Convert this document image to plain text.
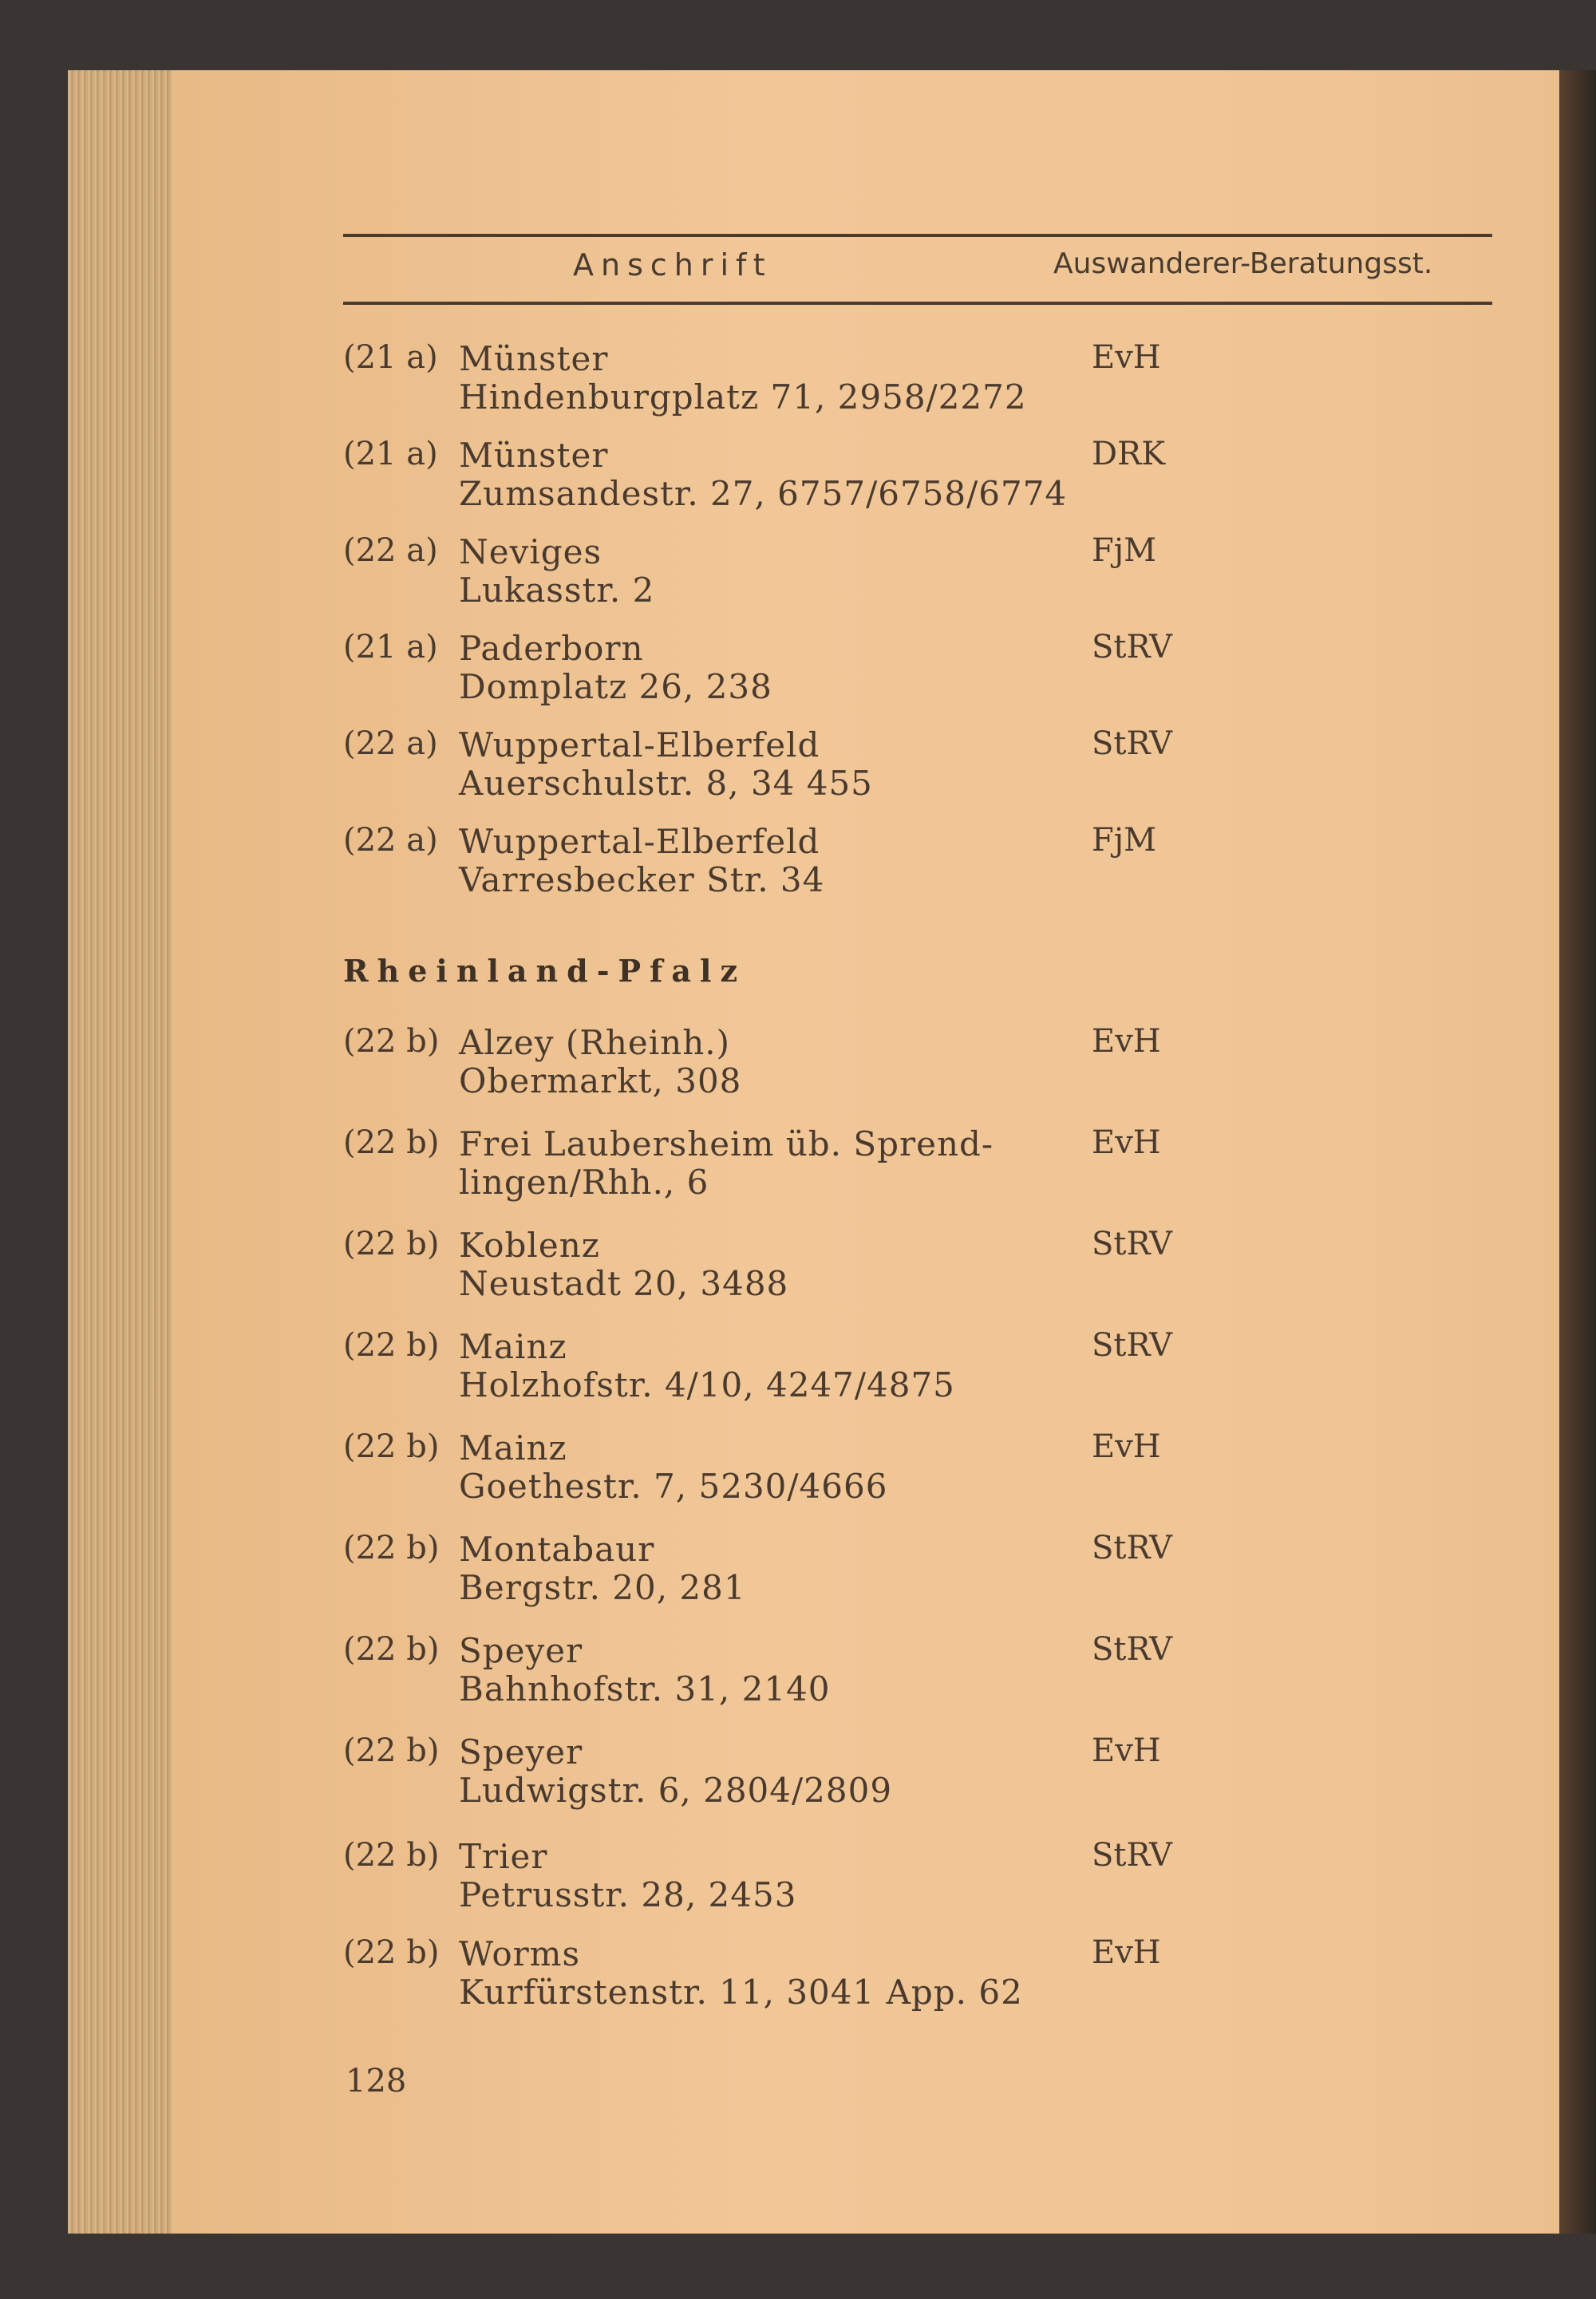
Anschrift	Auswanderer-Beratungsst.
(21 a) Münster
Hindenburgplatz 71, 2958/2272
EvH
(21 a) Münster
Zumsandestr. 27, 6757/6758/6774
DRK
(22 a) Neviges
Lukasstr. 2
FjM
(21 a) Paderborn
Domplatz 26, 238
StRV
(22 a) Wuppertal-Elberfeld
Auerschulstr. 8, 34 455
StRV
(22 a) Wuppertal-Elberfeld
Varresbecker Str. 34
FjM
Rheinland-Pfalz
(22 b) Alzey (Rheinh.)
Obermarkt, 308
EvH
(22 b) Frei Laubersheim üb. Sprend-
lingen/Rhh., 6
EvH
(22 b) Koblenz
Neustadt 20, 3488
StRV
(22 b) Mainz
Holzhofstr. 4/10, 4247/4875
StRV
(22 b) Mainz
Goethestr. 7, 5230/4666
EvH
(22 b) Montabaur
Bergstr. 20, 281
StRV
(22 b) Speyer
Bahnhofstr. 31, 2140
StRV
(22 b) Speyer
Ludwigstr. 6, 2804/2809
EvH
(22 b) Trier
Petrusstr. 28, 2453
StRV
(22 b) Worms
Kurfürstenstr. 11, 3041 App. 62
EvH
128
